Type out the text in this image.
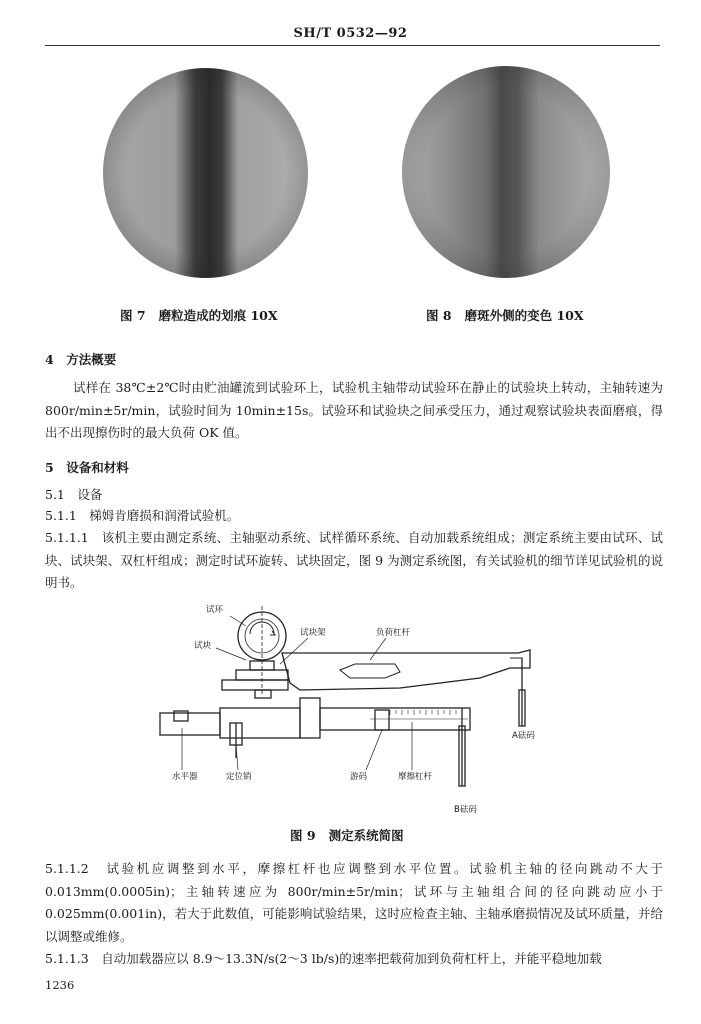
SH/T 0532—92
图 7 磨粒造成的划痕 10X	图 8 磨斑外侧的变色 10X
4　方法概要
试样在 38℃±2℃时由贮油罐流到试验环上，试验机主轴带动试验环在静止的试验块上转动，主轴转速为 800r/min±5r/min，试验时间为 10min±15s。试验环和试验块之间承受压力，通过观察试验块表面磨痕，得出不出现擦伤时的最大负荷 OK 值。
5　设备和材料
5.1　设备
5.1.1　梯姆肯磨损和润滑试验机。
5.1.1.1　该机主要由测定系统、主轴驱动系统、试样循环系统、自动加载系统组成；测定系统主要由试环、试块、试块架、双杠杆组成；测定时试环旋转、试块固定，图 9 为测定系统图，有关试验机的细节详见试验机的说明书。
试环
试块
试块架	负荷杠杆
水平器	定位销	游码	摩擦杠杆
A砝码
B砝码
图 9 测定系统简图
5.1.1.2　试验机应调整到水平，摩擦杠杆也应调整到水平位置。试验机主轴的径向跳动不大于 0.013mm(0.0005in)；主轴转速应为 800r/min±5r/min；试环与主轴组合间的径向跳动应小于 0.025mm(0.001in)，若大于此数值，可能影响试验结果，这时应检查主轴、主轴承磨损情况及试环质量，并给以调整或维修。
5.1.1.3　自动加载器应以 8.9～13.3N/s(2～3 lb/s)的速率把载荷加到负荷杠杆上，并能平稳地加载
1236
